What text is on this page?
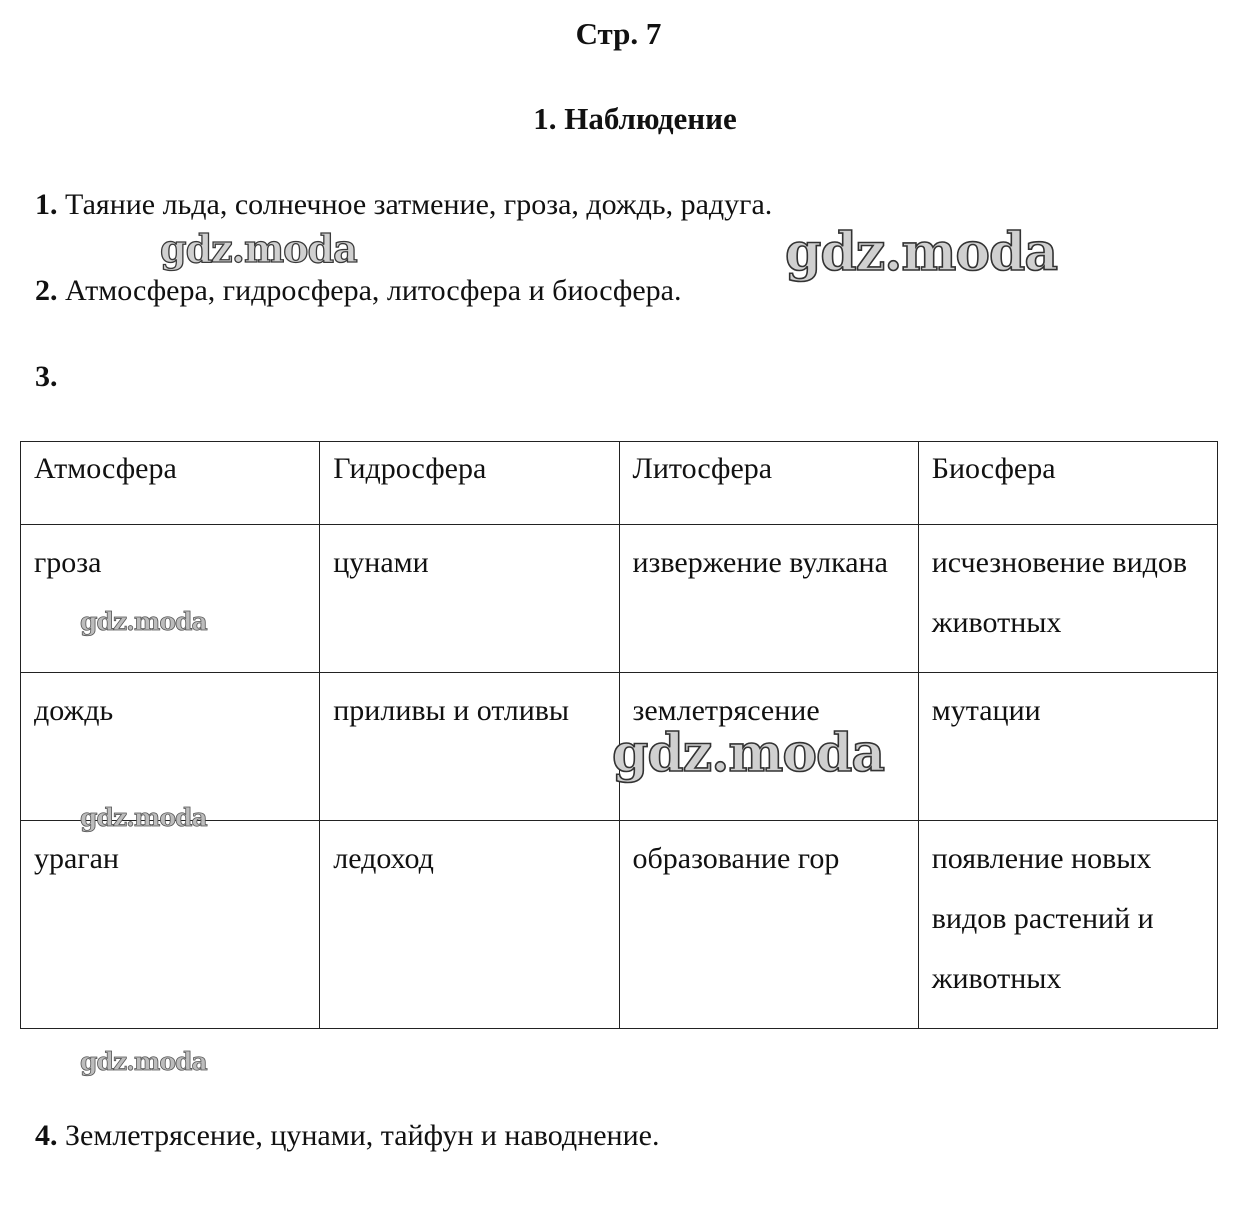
Стр. 7
1. Наблюдение
1. Таяние льда, солнечное затмение, гроза, дождь, радуга.
2. Атмосфера, гидросфера, литосфера и биосфера.
3.
Атмосфера	Гидросфера	Литосфера	Биосфера
гроза	цунами	извержение вулкана	исчезновение видов животных
дождь	приливы и отливы	землетрясение	мутации
ураган	ледоход	образование гор	появление новых видов растений и животных
4. Землетрясение, цунами, тайфун и наводнение.
gdz.moda	gdz.moda
gdz.moda
gdz.moda
gdz.moda
gdz.moda
